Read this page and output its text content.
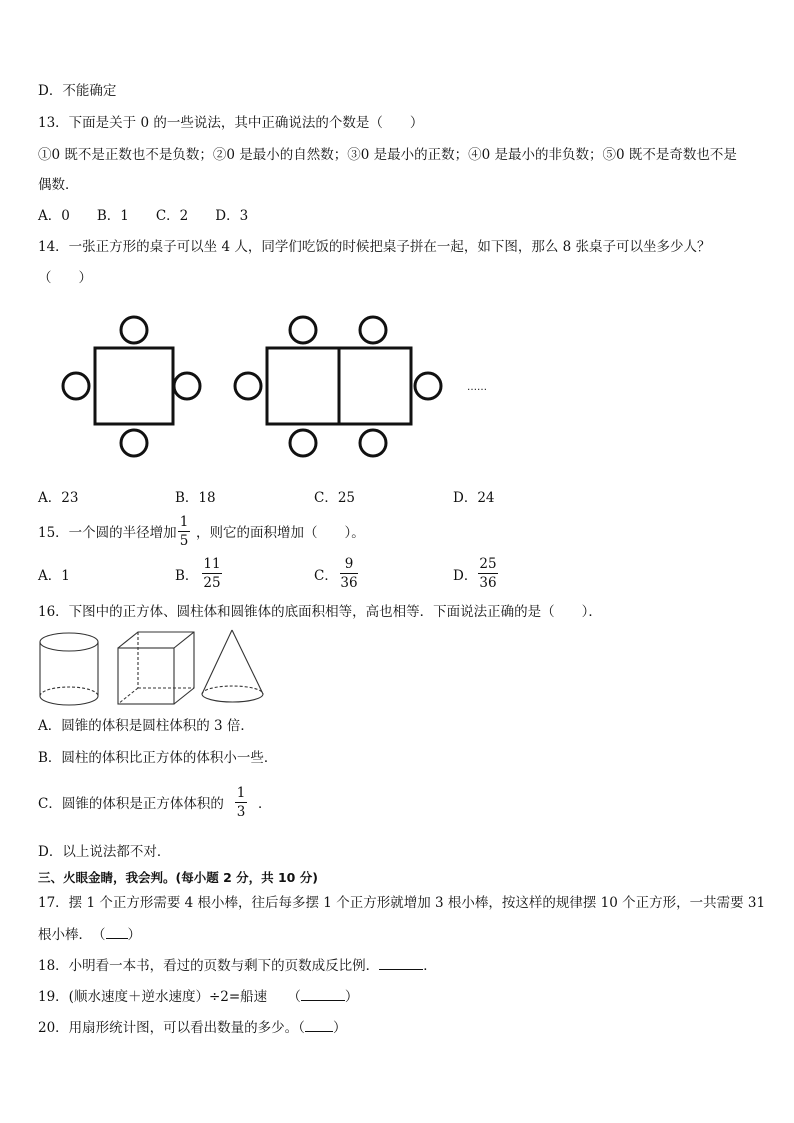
D．不能确定
13．下面是关于 0 的一些说法，其中正确说法的个数是（　　）
①0 既不是正数也不是负数；②0 是最小的自然数；③0 是最小的正数；④0 是最小的非负数；⑤0 既不是奇数也不是
偶数．
A．0　　B．1　　C．2　　D．3
14．一张正方形的桌子可以坐 4 人，同学们吃饭的时候把桌子拼在一起，如下图，那么 8 张桌子可以坐多少人？
（　　）
……
A．23	B．18	C．25	D．24
15．一个圆的半径增加
1
5 ，则它的面积增加（　　）。
A．1	B．
11
25	C．
9
36	D．
25
36
16．下图中的正方体、圆柱体和圆锥体的底面积相等，高也相等．下面说法正确的是（　　）．
A．圆锥的体积是圆柱体积的 3 倍．
B．圆柱的体积比正方体的体积小一些．
C．圆锥的体积是正方体体积的
1
3 ．
D．以上说法都不对．
三、火眼金睛，我会判。(每小题 2 分，共 10 分)
17．摆 1 个正方形需要 4 根小棒，往后每多摆 1 个正方形就增加 3 根小棒，按这样的规律摆 10 个正方形，一共需要 31
根小棒．　（ ）
18．小明看一本书，看过的页数与剩下的页数成反比例．	．
19．(顺水速度＋逆水速度）÷2=船速　　（	）
20．用扇形统计图，可以看出数量的多少。（ ）
